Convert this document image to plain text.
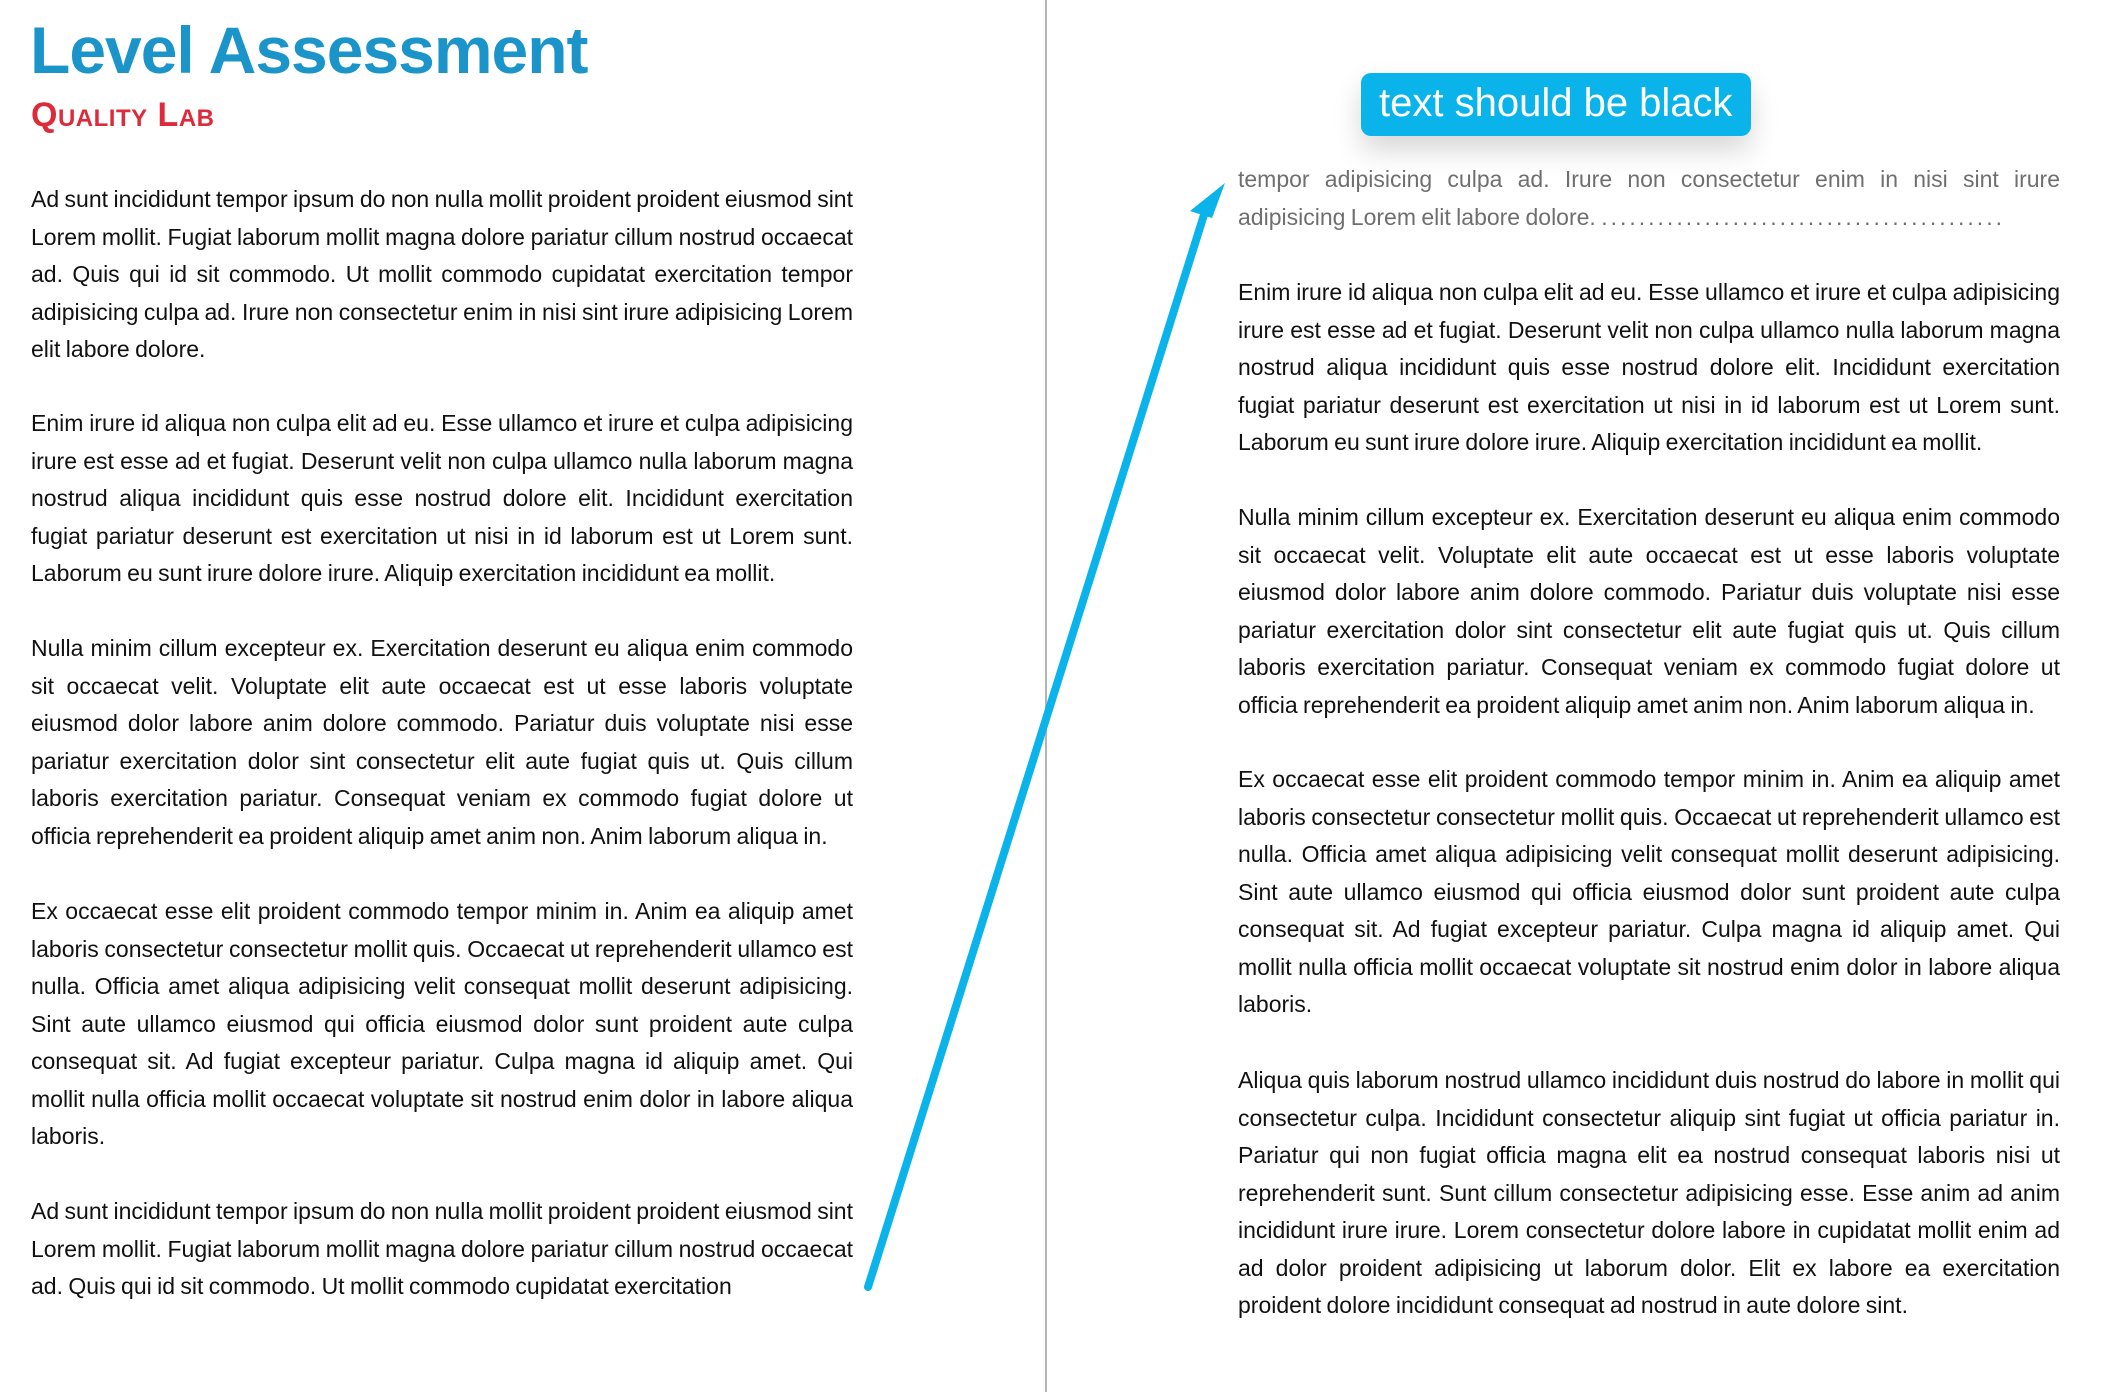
Level Assessment
Quality Lab

Ad sunt incididunt tempor ipsum do non nulla mollit proident proident eiusmod sint Lorem mollit. Fugiat laborum mollit magna dolore pariatur cillum nostrud occaecat ad. Quis qui id sit commodo. Ut mollit commodo cupidatat exercitation tempor adipisicing culpa ad. Irure non consectetur enim in nisi sint irure adipisicing Lorem elit labore dolore.

Enim irure id aliqua non culpa elit ad eu. Esse ullamco et irure et culpa adipisicing irure est esse ad et fugiat. Deserunt velit non culpa ullamco nulla laborum magna nostrud aliqua incididunt quis esse nostrud dolore elit. Incididunt exercitation fugiat pariatur deserunt est exercitation ut nisi in id laborum est ut Lorem sunt. Laborum eu sunt irure dolore irure. Aliquip exercitation incididunt ea mollit.

Nulla minim cillum excepteur ex. Exercitation deserunt eu aliqua enim commodo sit occaecat velit. Voluptate elit aute occaecat est ut esse laboris voluptate eiusmod dolor labore anim dolore commodo. Pariatur duis voluptate nisi esse pariatur exercitation dolor sint consectetur elit aute fugiat quis ut. Quis cillum laboris exercitation pariatur. Consequat veniam ex commodo fugiat dolore ut officia reprehenderit ea proident aliquip amet anim non. Anim laborum aliqua in.

Ex occaecat esse elit proident commodo tempor minim in. Anim ea aliquip amet laboris consectetur consectetur mollit quis. Occaecat ut reprehenderit ullamco est nulla. Officia amet aliqua adipisicing velit consequat mollit deserunt adipisicing. Sint aute ullamco eiusmod qui officia eiusmod dolor sunt proident aute culpa consequat sit. Ad fugiat excepteur pariatur. Culpa magna id aliquip amet. Qui mollit nulla officia mollit occaecat voluptate sit nostrud enim dolor in labore aliqua laboris.

Ad sunt incididunt tempor ipsum do non nulla mollit proident proident eiusmod sint Lorem mollit. Fugiat laborum mollit magna dolore pariatur cillum nostrud occaecat ad. Quis qui id sit commodo. Ut mollit commodo cupidatat exercitation

tempor adipisicing culpa ad. Irure non consectetur enim in nisi sint irure adipisicing Lorem elit labore dolore. ...........................................

Enim irure id aliqua non culpa elit ad eu. Esse ullamco et irure et culpa adipisicing irure est esse ad et fugiat. Deserunt velit non culpa ullamco nulla laborum magna nostrud aliqua incididunt quis esse nostrud dolore elit. Incididunt exercitation fugiat pariatur deserunt est exercitation ut nisi in id laborum est ut Lorem sunt. Laborum eu sunt irure dolore irure. Aliquip exercitation incididunt ea mollit.

Nulla minim cillum excepteur ex. Exercitation deserunt eu aliqua enim commodo sit occaecat velit. Voluptate elit aute occaecat est ut esse laboris voluptate eiusmod dolor labore anim dolore commodo. Pariatur duis voluptate nisi esse pariatur exercitation dolor sint consectetur elit aute fugiat quis ut. Quis cillum laboris exercitation pariatur. Consequat veniam ex commodo fugiat dolore ut officia reprehenderit ea proident aliquip amet anim non. Anim laborum aliqua in.

Ex occaecat esse elit proident commodo tempor minim in. Anim ea aliquip amet laboris consectetur consectetur mollit quis. Occaecat ut reprehenderit ullamco est nulla. Officia amet aliqua adipisicing velit consequat mollit deserunt adipisicing. Sint aute ullamco eiusmod qui officia eiusmod dolor sunt proident aute culpa consequat sit. Ad fugiat excepteur pariatur. Culpa magna id aliquip amet. Qui mollit nulla officia mollit occaecat voluptate sit nostrud enim dolor in labore aliqua laboris.

Aliqua quis laborum nostrud ullamco incididunt duis nostrud do labore in mollit qui consectetur culpa. Incididunt consectetur aliquip sint fugiat ut officia pariatur in. Pariatur qui non fugiat officia magna elit ea nostrud consequat laboris nisi ut reprehenderit sunt. Sunt cillum consectetur adipisicing esse. Esse anim ad anim incididunt irure irure. Lorem consectetur dolore labore in cupidatat mollit enim ad ad dolor proident adipisicing ut laborum dolor. Elit ex labore ea exercitation proident dolore incididunt consequat ad nostrud in aute dolore sint.

text should be black
